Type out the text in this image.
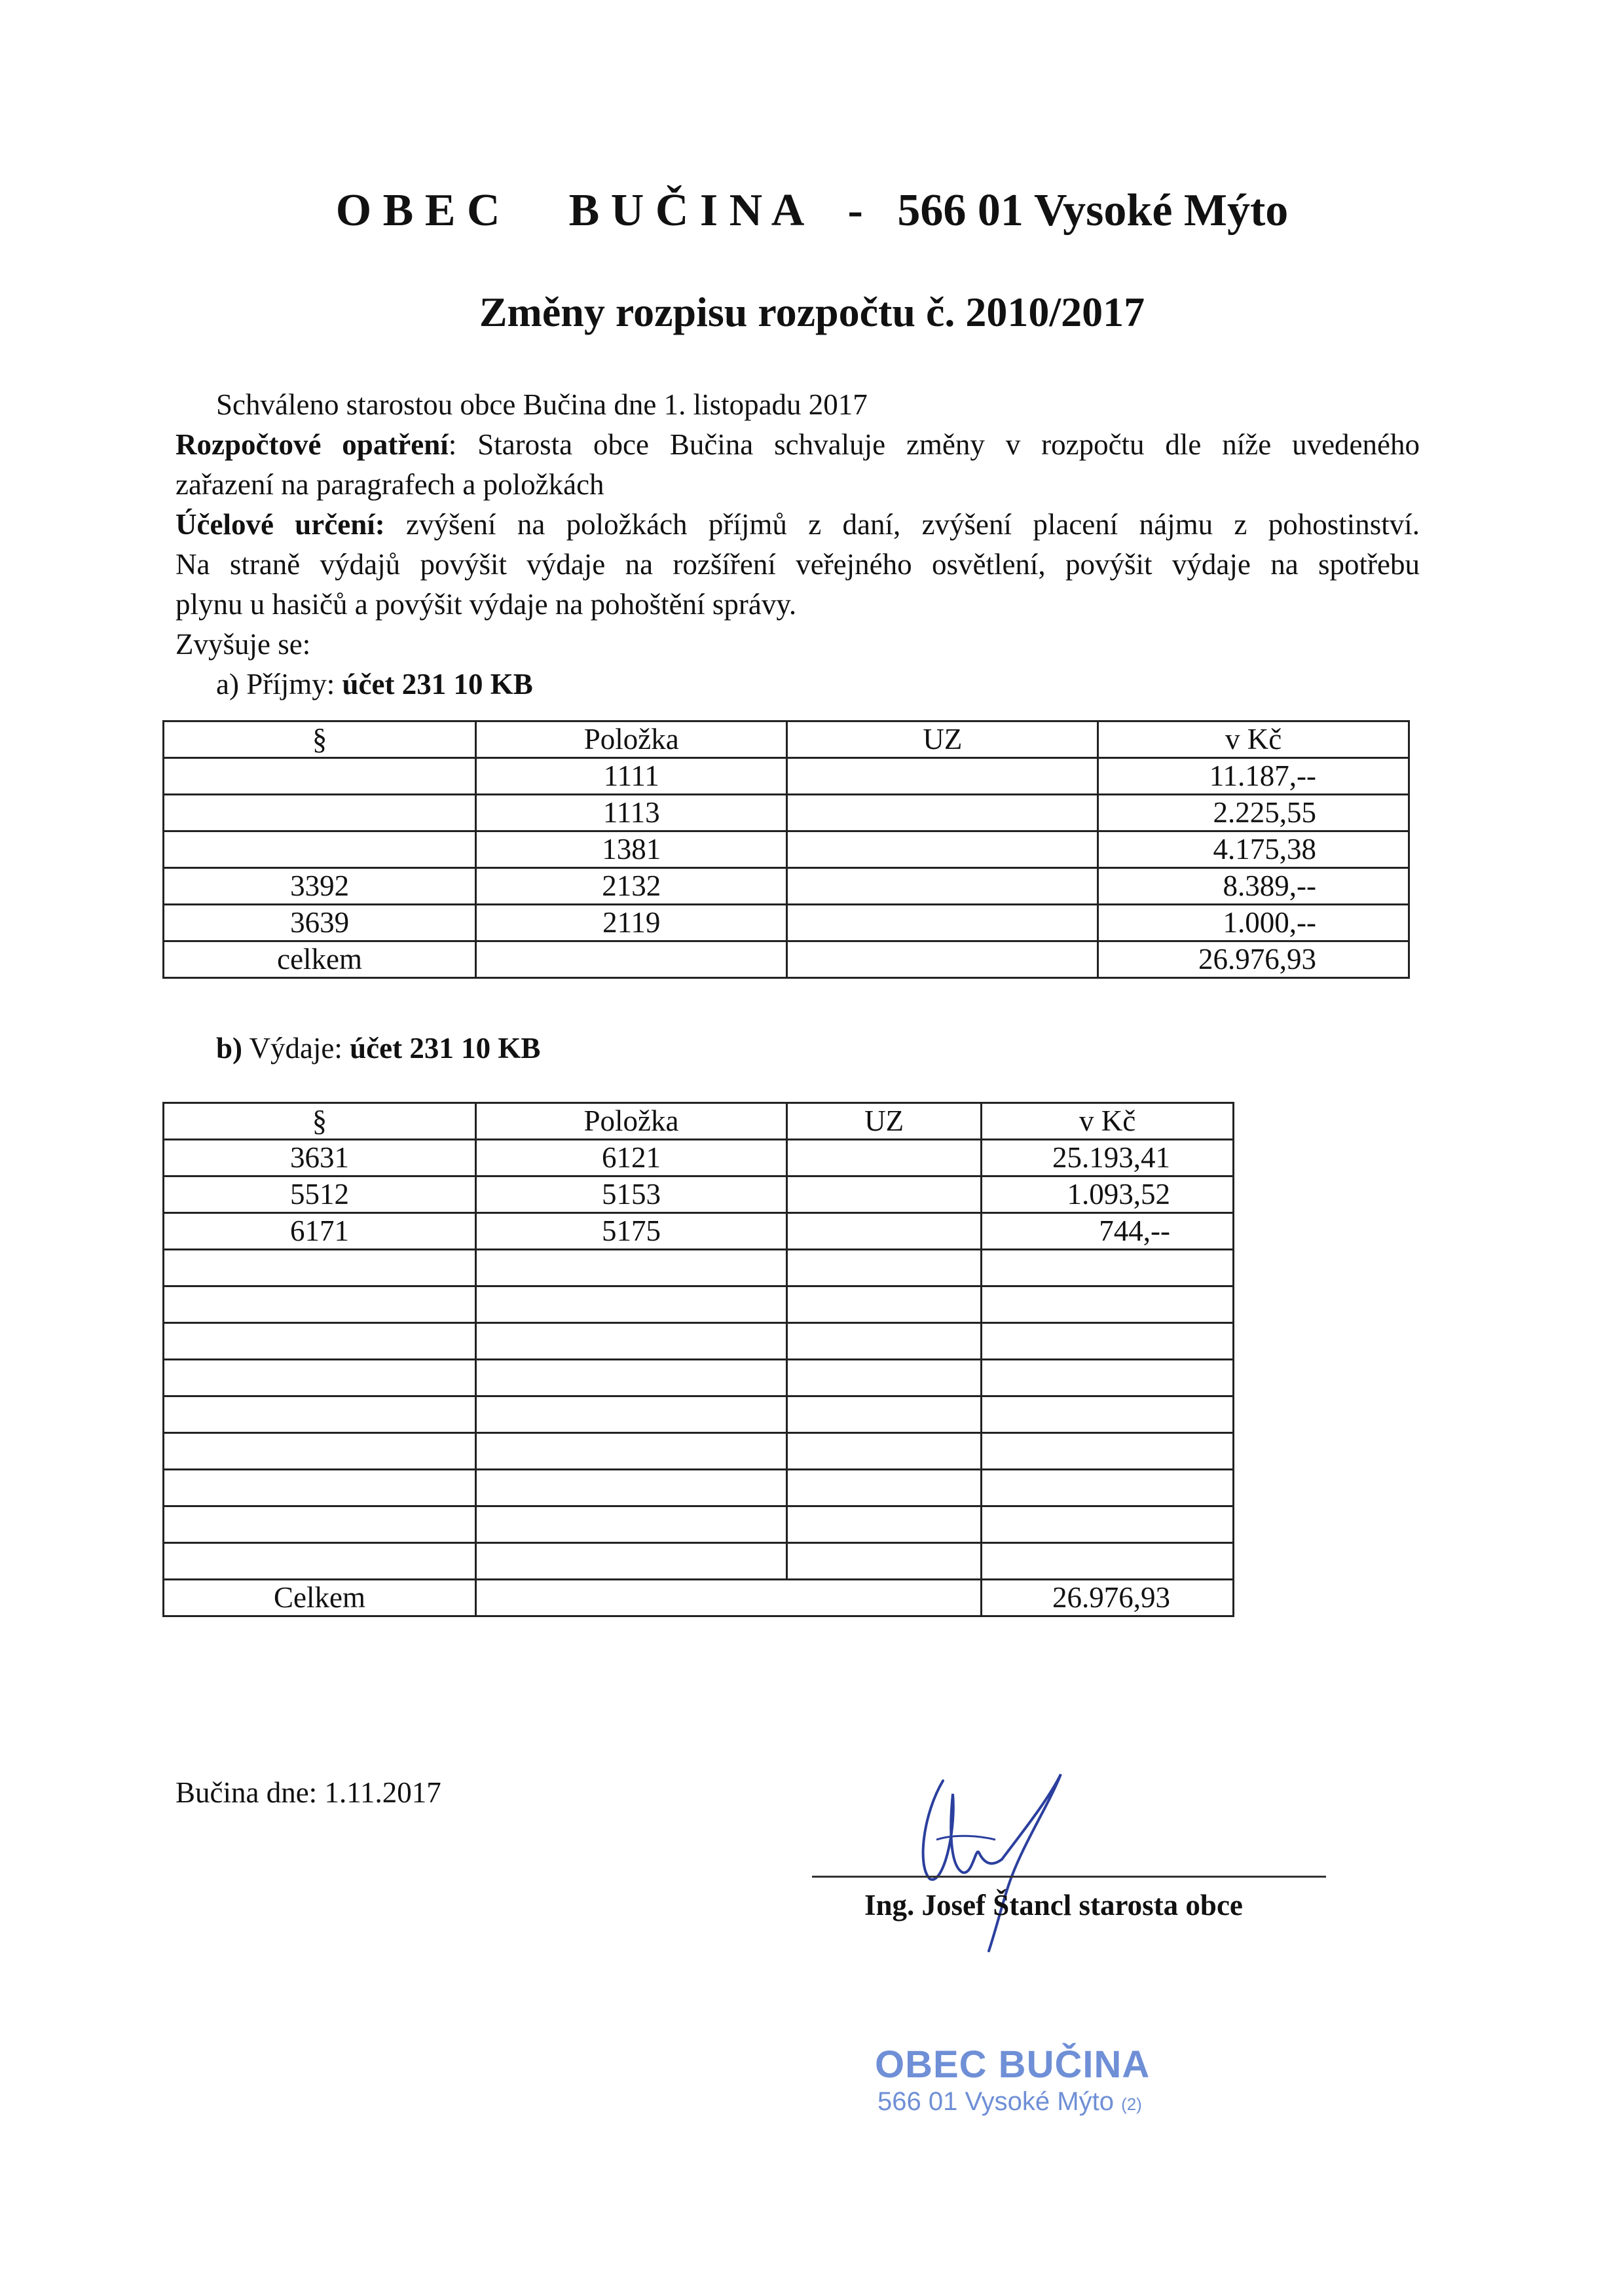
O B E C B U Č I N A - 566 01 Vysoké Mýto
Změny rozpisu rozpočtu č. 2010/2017
Schváleno starostou obce Bučina dne 1. listopadu 2017
Rozpočtové opatření: Starosta obce Bučina schvaluje změny v rozpočtu dle níže uvedeného
zařazení na paragrafech a položkách
Účelové určení: zvýšení na položkách příjmů z daní, zvýšení placení nájmu z pohostinství.
Na straně výdajů povýšit výdaje na rozšíření veřejného osvětlení, povýšit výdaje na spotřebu
plynu u hasičů a povýšit výdaje na pohoštění správy.
Zvyšuje se:
a) Příjmy: účet 231 10 KB
§	Položka	UZ	v Kč
	1111		11.187,--
	1113		2.225,55
	1381		4.175,38
3392	2132		8.389,--
3639	2119		1.000,--
celkem			26.976,93
b) Výdaje: účet 231 10 KB
§	Položka	UZ	v Kč
3631	6121		25.193,41
5512	5153		1.093,52
6171	5175		744,--

Celkem			26.976,93
Bučina dne: 1.11.2017
Ing. Josef Štancl starosta obce
OBEC BUČINA
566 01 Vysoké Mýto (2)
